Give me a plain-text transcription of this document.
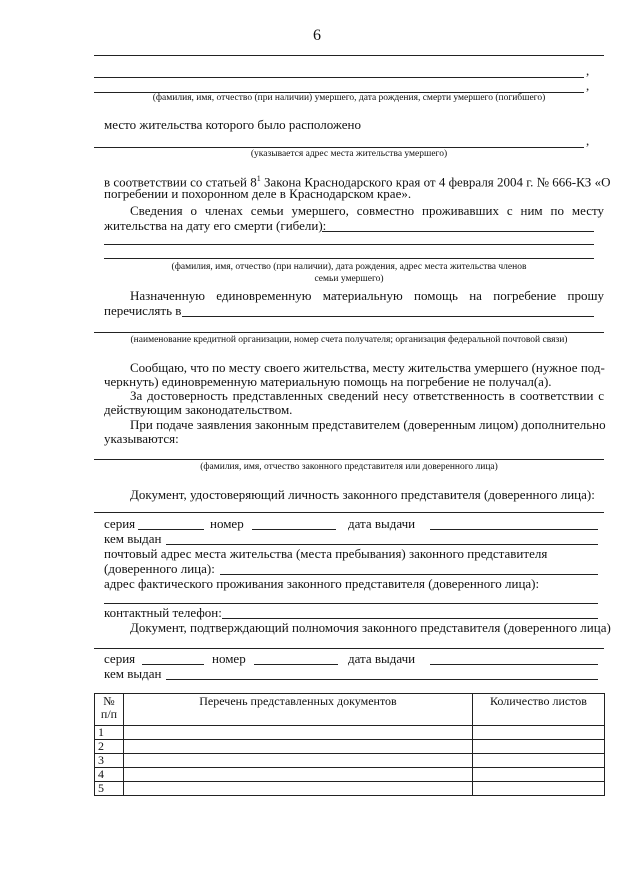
6
,
,
(фамилия, имя, отчество (при наличии) умершего, дата рождения, смерти умершего (погибшего)
место жительства которого было расположено
,
(указывается адрес места жительства умершего)
в соответствии со статьей $8^1$ Закона Краснодарского края от 4 февраля 2004 г. № 666-КЗ «О
погребении и похоронном деле в Краснодарском крае».
Сведения о членах семьи умершего, совместно проживавших с ним по месту
жительства на дату его смерти (гибели):
(фамилия, имя, отчество (при наличии), дата рождения, адрес места жительства членов
семьи умершего)
Назначенную единовременную материальную помощь на погребение прошу
перечислять в
(наименование кредитной организации, номер счета получателя; организация федеральной почтовой связи)
Сообщаю, что по месту своего жительства, месту жительства умершего (нужное под-
черкнуть) единовременную материальную помощь на погребение не получал(а).
За достоверность представленных сведений несу ответственность в соответствии с
действующим законодательством.
При подаче заявления законным представителем (доверенным лицом) дополнительно
указываются:
(фамилия, имя, отчество законного представителя или доверенного лица)
Документ, удостоверяющий личность законного представителя (доверенного лица):
серия	номер	дата выдачи
кем выдан
почтовый адрес места жительства (места пребывания) законного представителя
(доверенного лица):
адрес фактического проживания законного представителя (доверенного лица):
контактный телефон:
Документ, подтверждающий полномочия законного представителя (доверенного лица)
серия	номер	дата выдачи
кем выдан
№
п/п	Перечень представленных документов	Количество листов
1		
2		
3		
4		
5		
